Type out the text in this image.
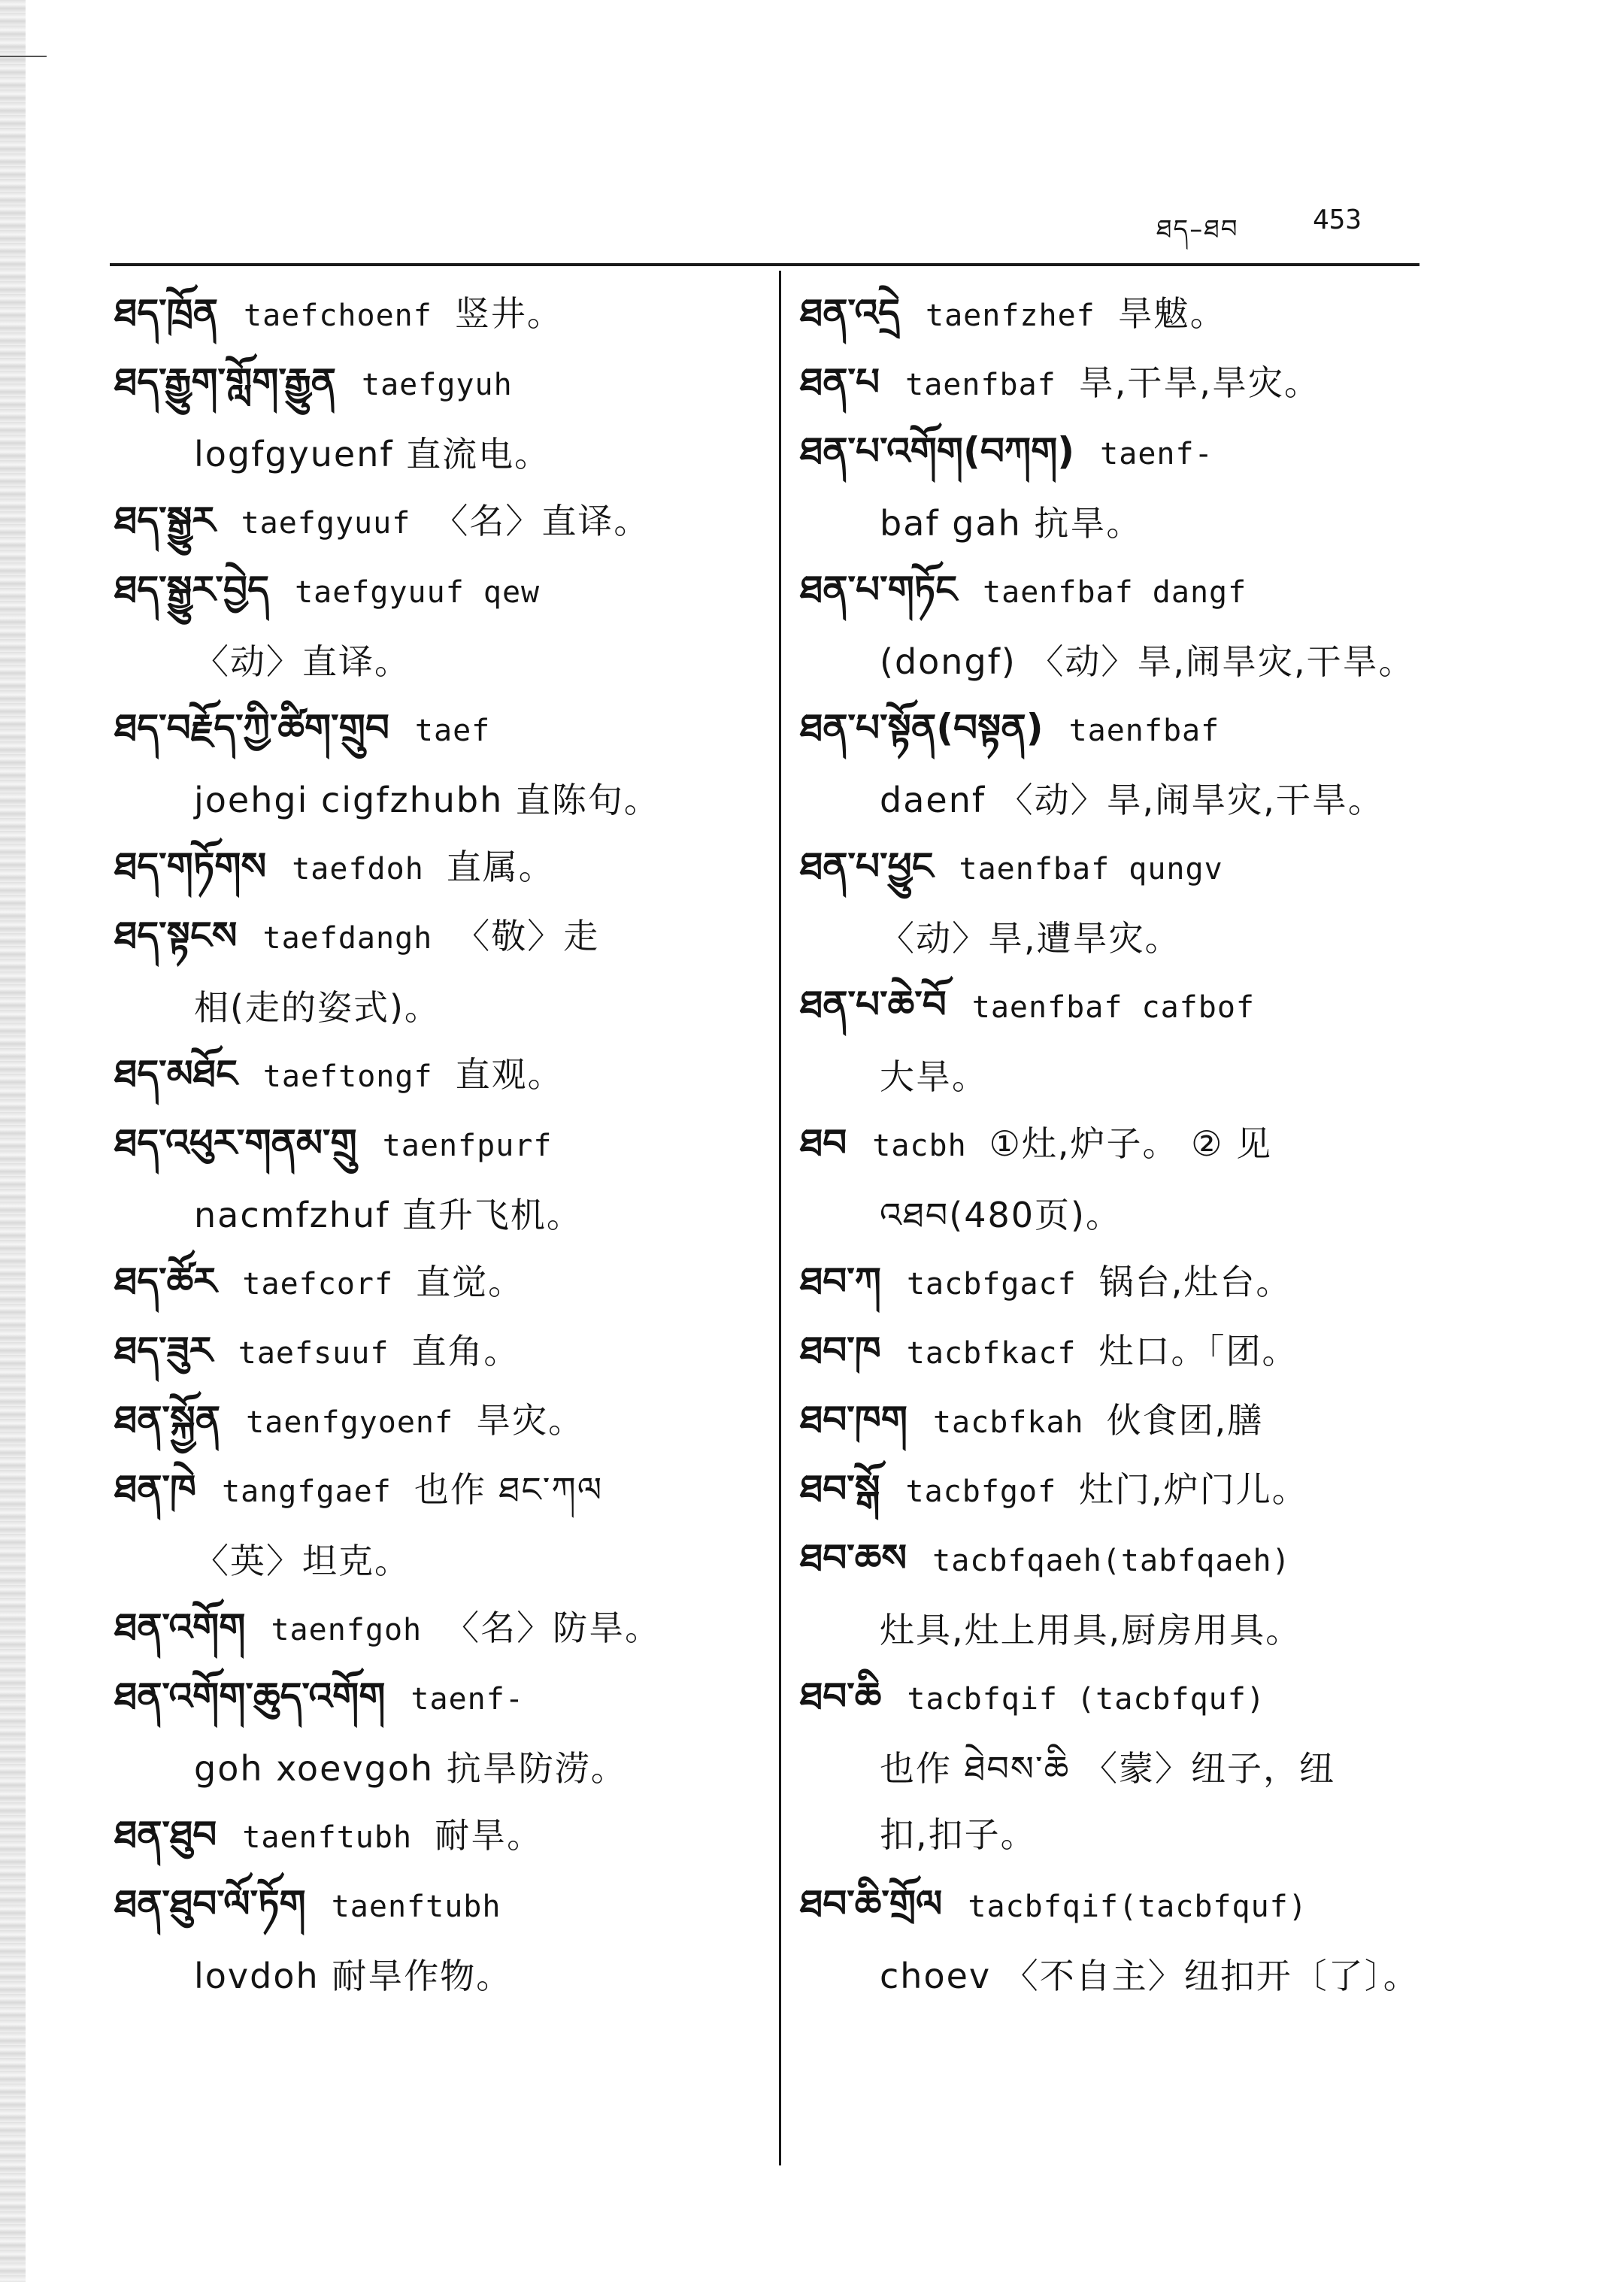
ཐད–ཐབ	453
ཐད་ཁྲོན taefchoenf 竖井。
ཐད་རྒྱུག་གློག་རྒྱུན taefgyuh
logfgyuenf 直流电。
ཐད་སྒྱུར taefgyuuf 〈名〉直译。
ཐད་སྒྱུར་བྱེད taefgyuuf qew
〈动〉直译。
ཐད་བརྗོད་ཀྱི་ཚིག་གྲུབ taef
joehgi cigfzhubh 直陈句。
ཐད་གཏོགས taefdoh 直属。
ཐད་སྟངས taefdangh 〈敬〉走
相(走的姿式)。
ཐད་མཐོང taeftongf 直观。
ཐད་འཕུར་གནམ་གྲུ taenfpurf
nacmfzhuf 直升飞机。
ཐད་ཚོར taefcorf 直觉。
ཐད་ཟུར taefsuuf 直角。
ཐན་སྐྱོན taenfgyoenf 旱灾。
ཐན་ཁེ tangfgaef 也作 ཐང་ཀལ
〈英〉坦克。
ཐན་འགོག taenfgoh 〈名〉防旱。
ཐན་འགོག་ཆུད་འགོག taenf-
goh xoevgoh 抗旱防涝。
ཐན་ཐུབ taenftubh 耐旱。
ཐན་ཐུབ་ལོ་ཏོག taenftubh
lovdoh 耐旱作物。
ཐན་འདྲེ taenfzhef 旱魃。
ཐན་པ taenfbaf 旱,干旱,旱灾。
ཐན་པ་འགོག(བཀག) taenf-
baf gah 抗旱。
ཐན་པ་གཏོང taenfbaf dangf
(dongf) 〈动〉旱,闹旱灾,干旱。
ཐན་པ་སྟོན(བསྟན) taenfbaf
daenf 〈动〉旱,闹旱灾,干旱。
ཐན་པ་ཕྱུང taenfbaf qungv
〈动〉旱,遭旱灾。
ཐན་པ་ཆེ་བོ taenfbaf cafbof
大旱。
ཐབ tacbh ①灶,炉子。 ② 见
འཐབ(480页)。
ཐབ་ཀ tacbfgacf 锅台,灶台。
ཐབ་ཁ tacbfkacf 灶口。「团。
ཐབ་ཁག tacbfkah 伙食团,膳
ཐབ་སྒོ tacbfgof 灶门,炉门儿。
ཐབ་ཆས tacbfqaeh(tabfqaeh)
灶具,灶上用具,厨房用具。
ཐབ་ཆི tacbfqif (tacbfquf)
也作 ཐེབས་ཆི 〈蒙〉纽子，纽
扣,扣子。
ཐབ་ཆི་གྲོལ tacbfqif(tacbfquf)
choev 〈不自主〉纽扣开〔了〕。
